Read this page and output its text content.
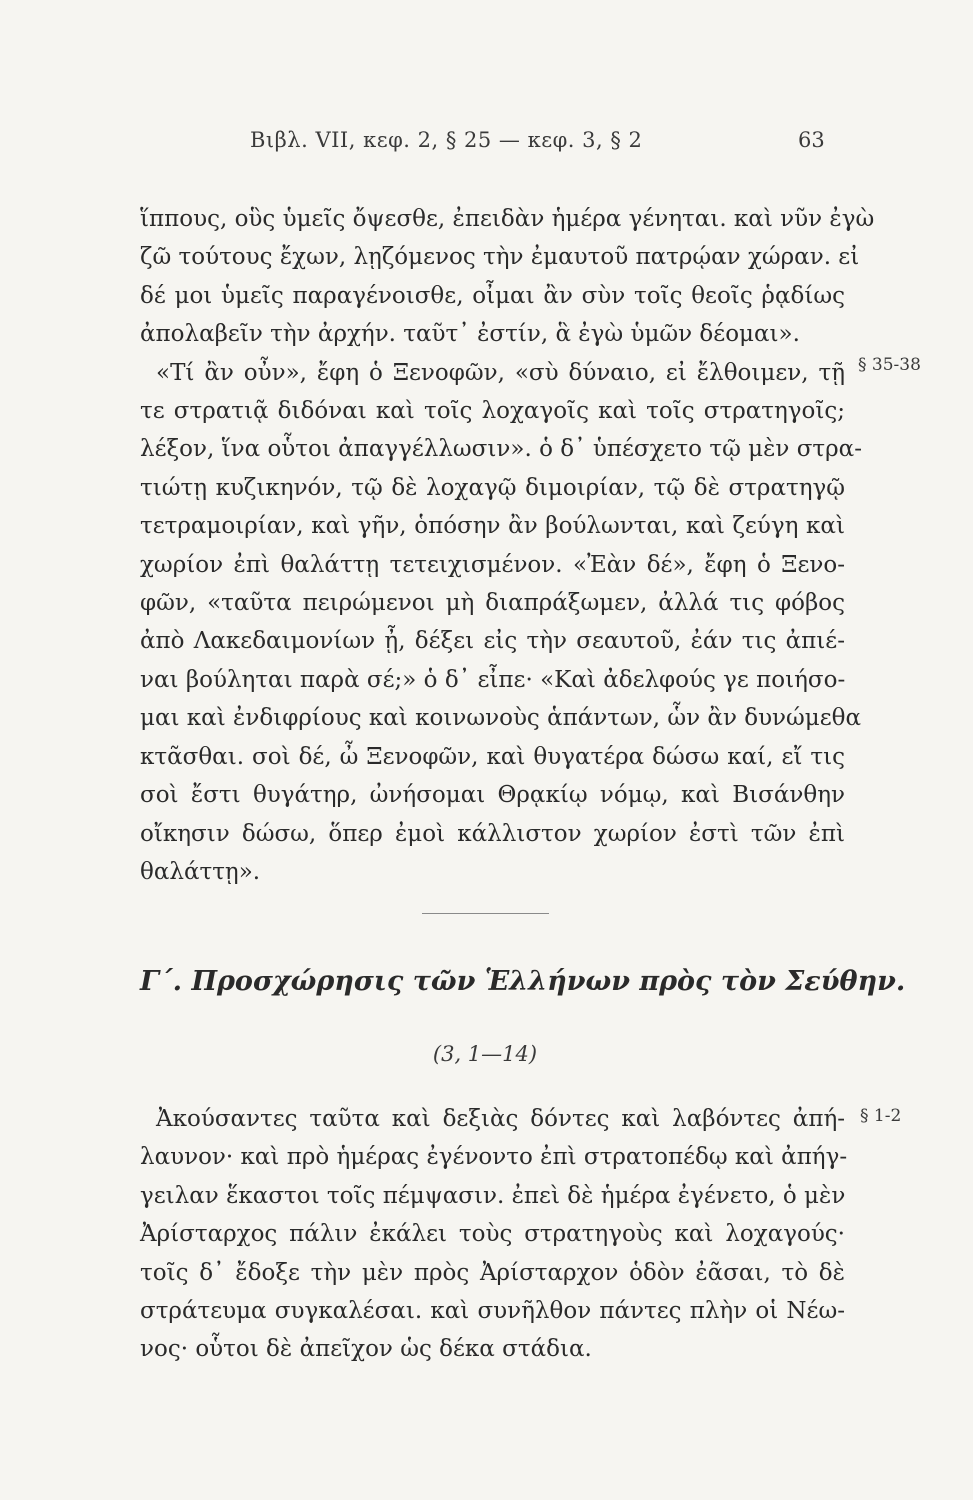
Βιβλ. VII, κεφ. 2, § 25 — κεφ. 3, § 2	63
ἵππους, οὓς ὑμεῖς ὄψεσθε, ἐπειδὰν ἡμέρα γένηται. καὶ νῦν ἐγὼ
ζῶ τούτους ἔχων, λῃζόμενος τὴν ἐμαυτοῦ πατρῴαν χώραν. εἰ
δέ μοι ὑμεῖς παραγένοισθε, οἶμαι ἂν σὺν τοῖς θεοῖς ῥᾳδίως
ἀπολαβεῖν τὴν ἀρχήν. ταῦτ᾽ ἐστίν, ἃ ἐγὼ ὑμῶν δέομαι».
«Τί ἂν οὖν», ἔφη ὁ Ξενοφῶν, «σὺ δύναιο, εἰ ἔλθοιμεν, τῇ
τε στρατιᾷ διδόναι καὶ τοῖς λοχαγοῖς καὶ τοῖς στρατηγοῖς;
λέξον, ἵνα οὗτοι ἀπαγγέλλωσιν». ὁ δ᾽ ὑπέσχετο τῷ μὲν στρα-
τιώτῃ κυζικηνόν, τῷ δὲ λοχαγῷ διμοιρίαν, τῷ δὲ στρατηγῷ
τετραμοιρίαν, καὶ γῆν, ὁπόσην ἂν βούλωνται, καὶ ζεύγη καὶ
χωρίον ἐπὶ θαλάττῃ τετειχισμένον. «Ἐὰν δέ», ἔφη ὁ Ξενο-
φῶν, «ταῦτα πειρώμενοι μὴ διαπράξωμεν, ἀλλά τις φόβος
ἀπὸ Λακεδαιμονίων ᾖ, δέξει εἰς τὴν σεαυτοῦ, ἐάν τις ἀπιέ-
ναι βούληται παρὰ σέ;» ὁ δ᾽ εἶπε· «Καὶ ἀδελφούς γε ποιήσο-
μαι καὶ ἐνδιφρίους καὶ κοινωνοὺς ἁπάντων, ὧν ἂν δυνώμεθα
κτᾶσθαι. σοὶ δέ, ὦ Ξενοφῶν, καὶ θυγατέρα δώσω καί, εἴ τις
σοὶ ἔστι θυγάτηρ, ὠνήσομαι Θρᾳκίῳ νόμῳ, καὶ Βισάνθην
οἴκησιν δώσω, ὅπερ ἐμοὶ κάλλιστον χωρίον ἐστὶ τῶν ἐπὶ
θαλάττῃ».
§ 35-38
Γ΄. Προσχώρησις τῶν Ἑλλήνων πρὸς τὸν Σεύθην.
(3, 1—14)
§ 1-2
Ἀκούσαντες ταῦτα καὶ δεξιὰς δόντες καὶ λαβόντες ἀπή-
λαυνον· καὶ πρὸ ἡμέρας ἐγένοντο ἐπὶ στρατοπέδῳ καὶ ἀπήγ-
γειλαν ἕκαστοι τοῖς πέμψασιν. ἐπεὶ δὲ ἡμέρα ἐγένετο, ὁ μὲν
Ἀρίσταρχος πάλιν ἐκάλει τοὺς στρατηγοὺς καὶ λοχαγούς·
τοῖς δ᾽ ἔδοξε τὴν μὲν πρὸς Ἀρίσταρχον ὁδὸν ἐᾶσαι, τὸ δὲ
στράτευμα συγκαλέσαι. καὶ συνῆλθον πάντες πλὴν οἱ Νέω-
νος· οὗτοι δὲ ἀπεῖχον ὡς δέκα στάδια.
